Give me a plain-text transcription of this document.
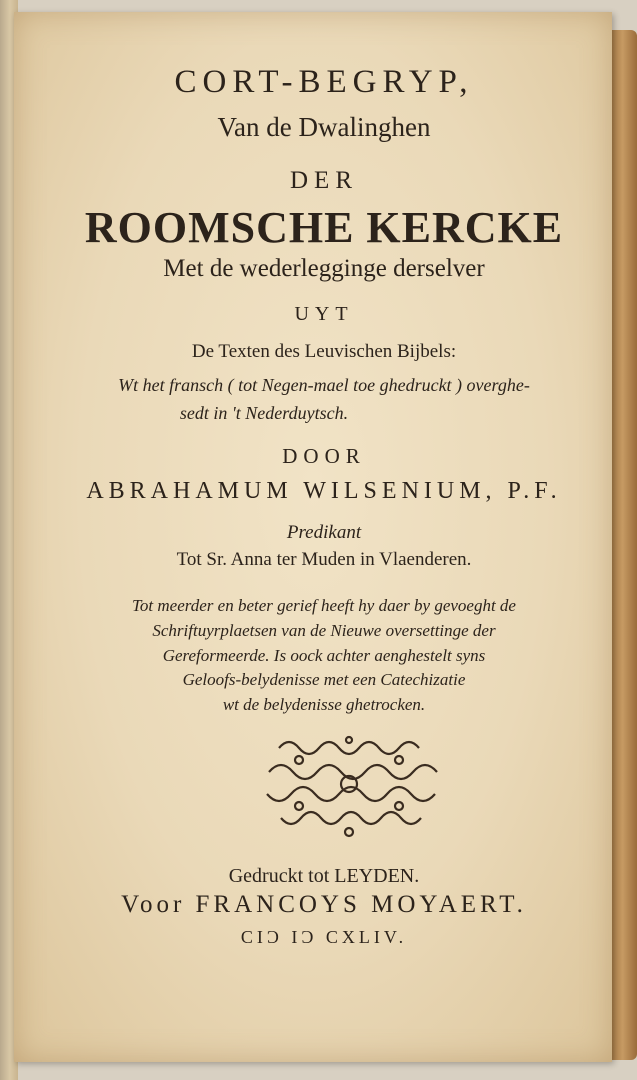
CORT-BEGRYP,
Van de Dwalinghen
DER
ROOMSCHE KERCKE
Met de wederlegginge derselver
UYT
De Texten des Leuvischen Bijbels:
Wt het fransch ( tot Negen-mael toe ghedruckt ) overghe-
sedt in 't Nederduytsch.
DOOR
ABRAHAMUM WILSENIUM, P.F.
Predikant
Tot Sr. Anna ter Muden in Vlaenderen.
Tot meerder en beter gerief heeft hy daer by gevoeght de
Schriftuyrplaetsen van de Nieuwe oversettinge der
Gereformeerde. Is oock achter aenghestelt syns
Geloofs-belydenisse met een Catechizatie
wt de belydenisse ghetrocken.
Gedruckt tot LEYDEN.
Voor FRANCOYS MOYAERT.
CIƆ IƆ CXLIV.
